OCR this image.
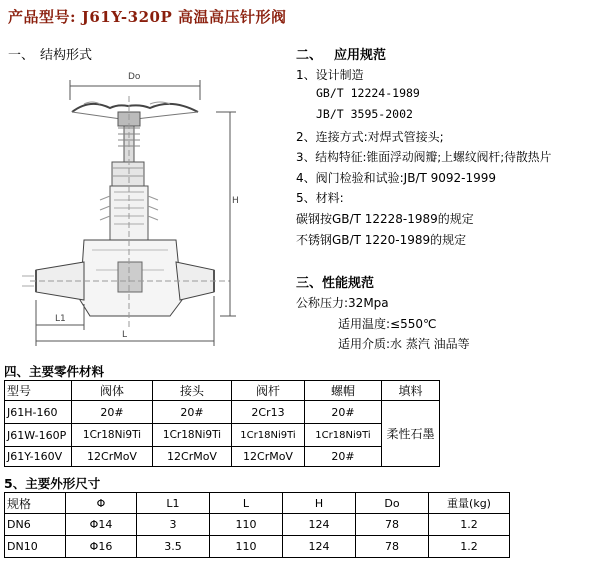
产品型号: J61Y-320P 高温高压针形阀
一、 结构形式
Do
H
L1
L
二、 应用规范
1、设计制造
GB/T 12224-1989
JB/T 3595-2002
2、连接方式:对焊式管接头;
3、结构特征:锥面浮动阀瓣;上螺纹阀杆;待散热片
4、阀门检验和试验:JB/T 9092-1999
5、材料:
碳钢按GB/T 12228-1989的规定
不锈钢GB/T 1220-1989的规定
三、性能规范
公称压力:32Mpa
适用温度:≤550℃
适用介质:水 蒸汽 油品等
四、主要零件材料
型号	阀体	接头	阀杆	螺帽	填料
J61H-160	20#	20#	2Cr13	20#	柔性石墨
J61W-160P	1Cr18Ni9Ti	1Cr18Ni9Ti	1Cr18Ni9Ti	1Cr18Ni9Ti	
J61Y-160V	12CrMoV	12CrMoV	12CrMoV	20#	
5、主要外形尺寸
规格	Φ	L1	L	H	Do	重量(kg)
DN6	Φ14	3	110	124	78	1.2
DN10	Φ16	3.5	110	124	78	1.2
